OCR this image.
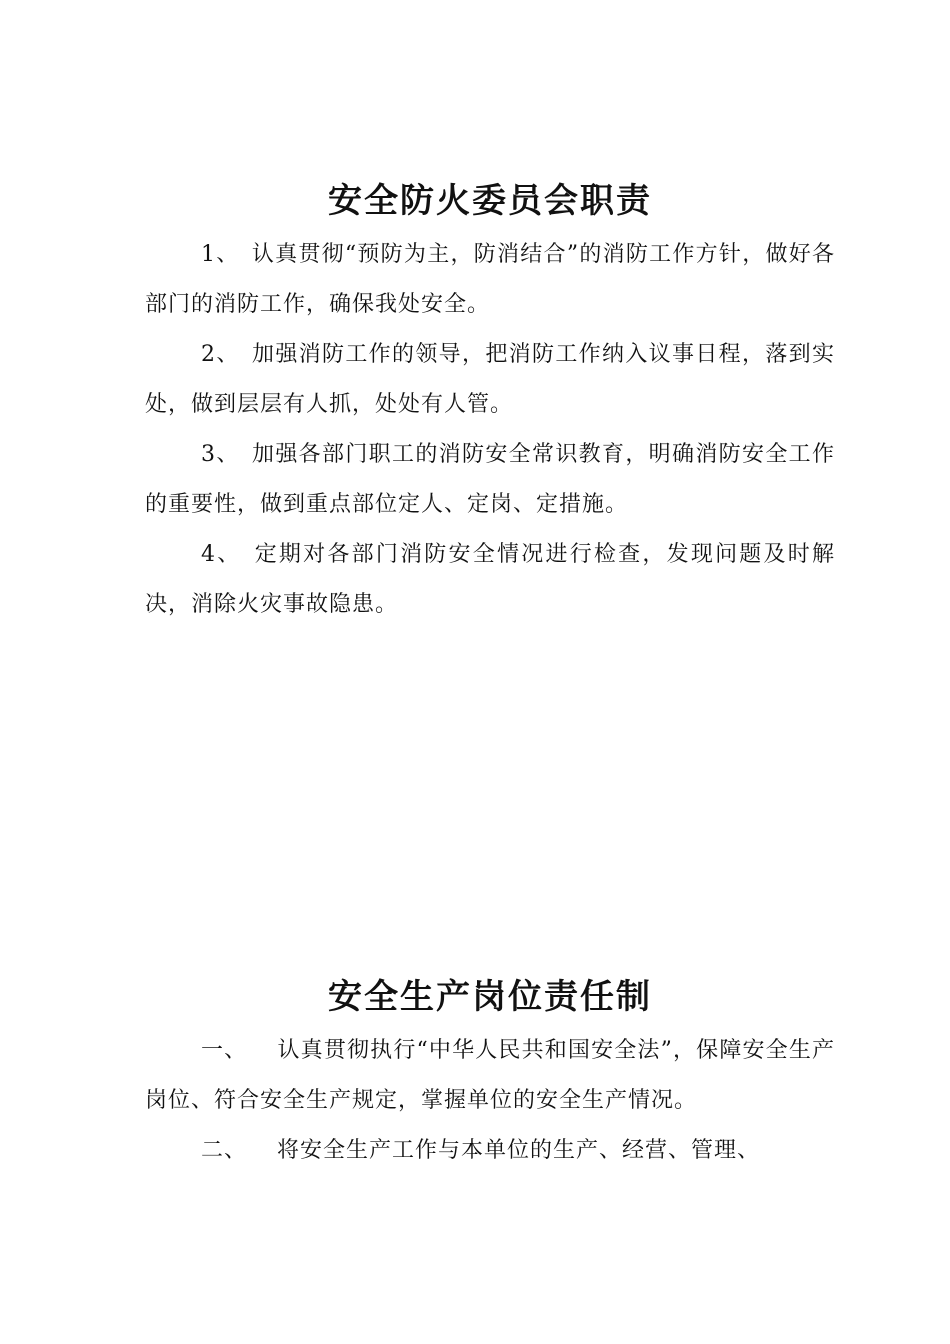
安全防火委员会职责

1、 认真贯彻“预防为主，防消结合”的消防工作方针，做好各部门的消防工作，确保我处安全。

2、 加强消防工作的领导，把消防工作纳入议事日程，落到实处，做到层层有人抓，处处有人管。

3、 加强各部门职工的消防安全常识教育，明确消防安全工作的重要性，做到重点部位定人、定岗、定措施。

4、 定期对各部门消防安全情况进行检查，发现问题及时解决，消除火灾事故隐患。

安全生产岗位责任制

一、 认真贯彻执行“中华人民共和国安全法”，保障安全生产岗位、符合安全生产规定，掌握单位的安全生产情况。

二、 将安全生产工作与本单位的生产、经营、管理、
